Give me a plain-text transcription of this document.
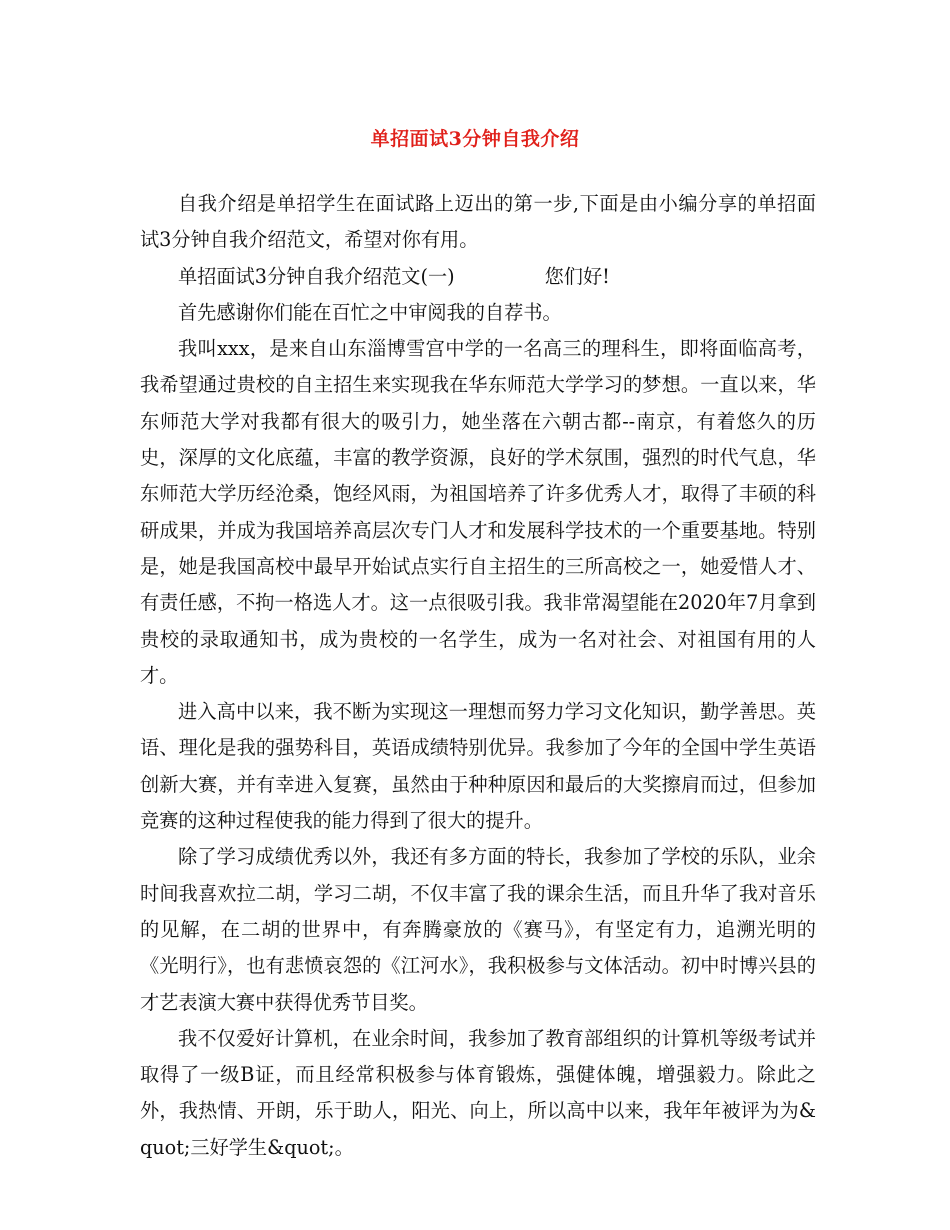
单招面试3分钟自我介绍

自我介绍是单招学生在面试路上迈出的第一步,下面是由小编分享的单招面试3分钟自我介绍范文，希望对你有用。

单招面试3分钟自我介绍范文(一)	您们好!

首先感谢你们能在百忙之中审阅我的自荐书。

我叫xxx，是来自山东淄博雪宫中学的一名高三的理科生，即将面临高考，我希望通过贵校的自主招生来实现我在华东师范大学学习的梦想。一直以来，华东师范大学对我都有很大的吸引力，她坐落在六朝古都--南京，有着悠久的历史，深厚的文化底蕴，丰富的教学资源，良好的学术氛围，强烈的时代气息，华东师范大学历经沧桑，饱经风雨，为祖国培养了许多优秀人才，取得了丰硕的科研成果，并成为我国培养高层次专门人才和发展科学技术的一个重要基地。特别是，她是我国高校中最早开始试点实行自主招生的三所高校之一，她爱惜人才、有责任感，不拘一格选人才。这一点很吸引我。我非常渴望能在2020年7月拿到贵校的录取通知书，成为贵校的一名学生，成为一名对社会、对祖国有用的人才。

进入高中以来，我不断为实现这一理想而努力学习文化知识，勤学善思。英语、理化是我的强势科目，英语成绩特别优异。我参加了今年的全国中学生英语创新大赛，并有幸进入复赛，虽然由于种种原因和最后的大奖擦肩而过，但参加竞赛的这种过程使我的能力得到了很大的提升。

除了学习成绩优秀以外，我还有多方面的特长，我参加了学校的乐队，业余时间我喜欢拉二胡，学习二胡，不仅丰富了我的课余生活，而且升华了我对音乐的见解，在二胡的世界中，有奔腾豪放的《赛马》，有坚定有力，追溯光明的《光明行》，也有悲愤哀怨的《江河水》，我积极参与文体活动。初中时博兴县的才艺表演大赛中获得优秀节目奖。

我不仅爱好计算机，在业余时间，我参加了教育部组织的计算机等级考试并取得了一级B证，而且经常积极参与体育锻炼，强健体魄，增强毅力。除此之外，我热情、开朗，乐于助人，阳光、向上，所以高中以来，我年年被评为为&quot;三好学生&quot;。
